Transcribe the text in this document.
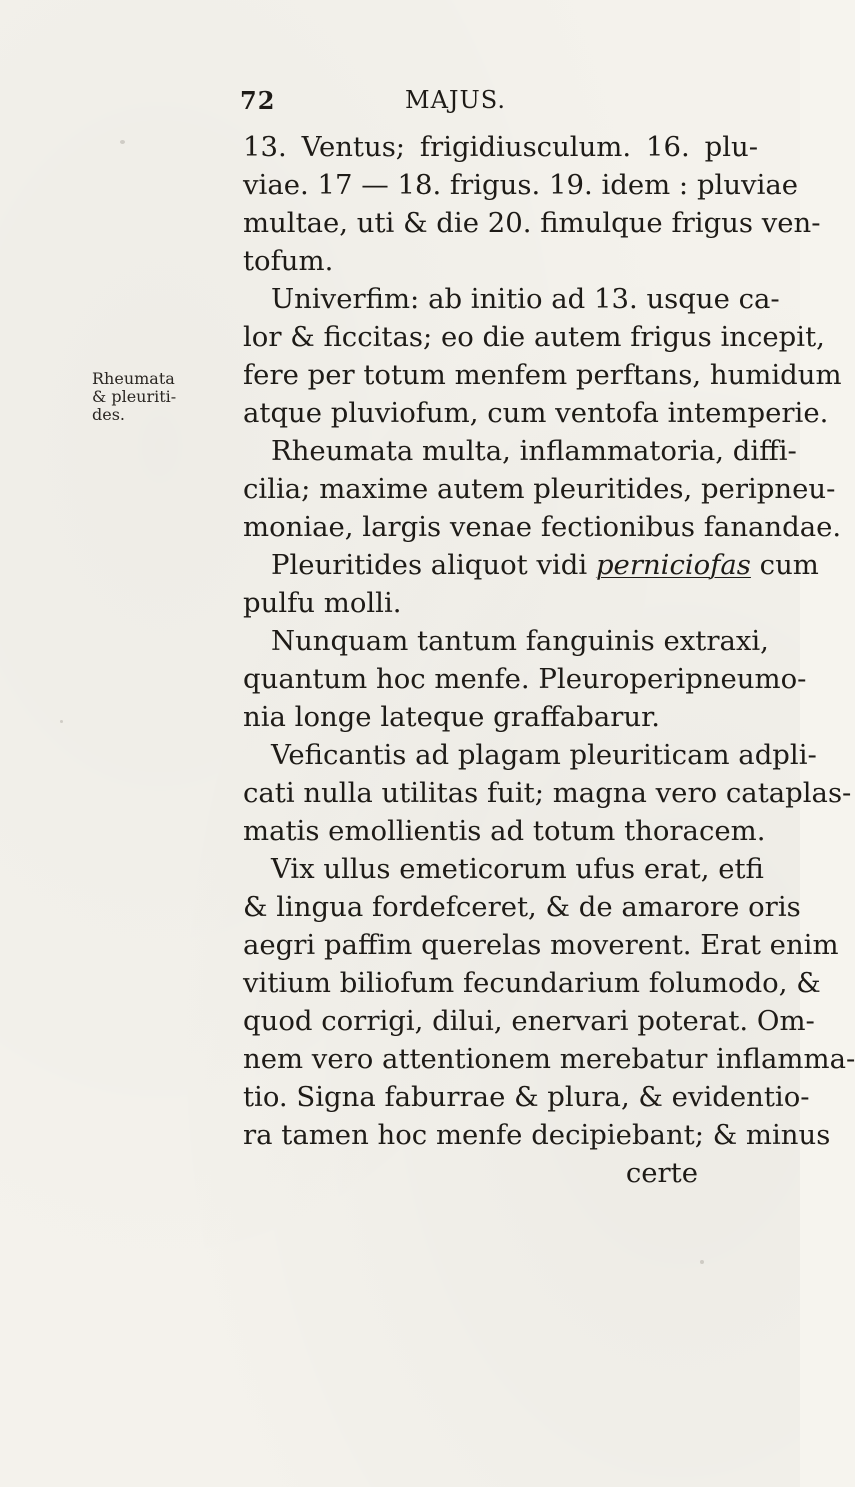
72	MAJUS.
Rheumata
& pleuriti-
des.
13. Ventus; frigidiusculum. 16. plu-
viae. 17 — 18. frigus. 19. idem : pluviae
multae, uti & die 20. fimulque frigus ven-
tofum.
Univerfim: ab initio ad 13. usque ca-
lor & ficcitas; eo die autem frigus incepit,
fere per totum menfem perftans, humidum
atque pluviofum, cum ventofa intemperie.
Rheumata multa, inflammatoria, diffi-
cilia; maxime autem pleuritides, peripneu-
moniae, largis venae fectionibus fanandae.
Pleuritides aliquot vidi perniciofas cum
pulfu molli.
Nunquam tantum fanguinis extraxi,
quantum hoc menfe. Pleuroperipneumo-
nia longe lateque graffabarur.
Veficantis ad plagam pleuriticam adpli-
cati nulla utilitas fuit; magna vero cataplas-
matis emollientis ad totum thoracem.
Vix ullus emeticorum ufus erat, etfi
& lingua fordefceret, & de amarore oris
aegri paffim querelas moverent. Erat enim
vitium biliofum fecundarium folumodo, &
quod corrigi, dilui, enervari poterat. Om-
nem vero attentionem merebatur inflamma-
tio. Signa faburrae & plura, & evidentio-
ra tamen hoc menfe decipiebant; & minus
certe
